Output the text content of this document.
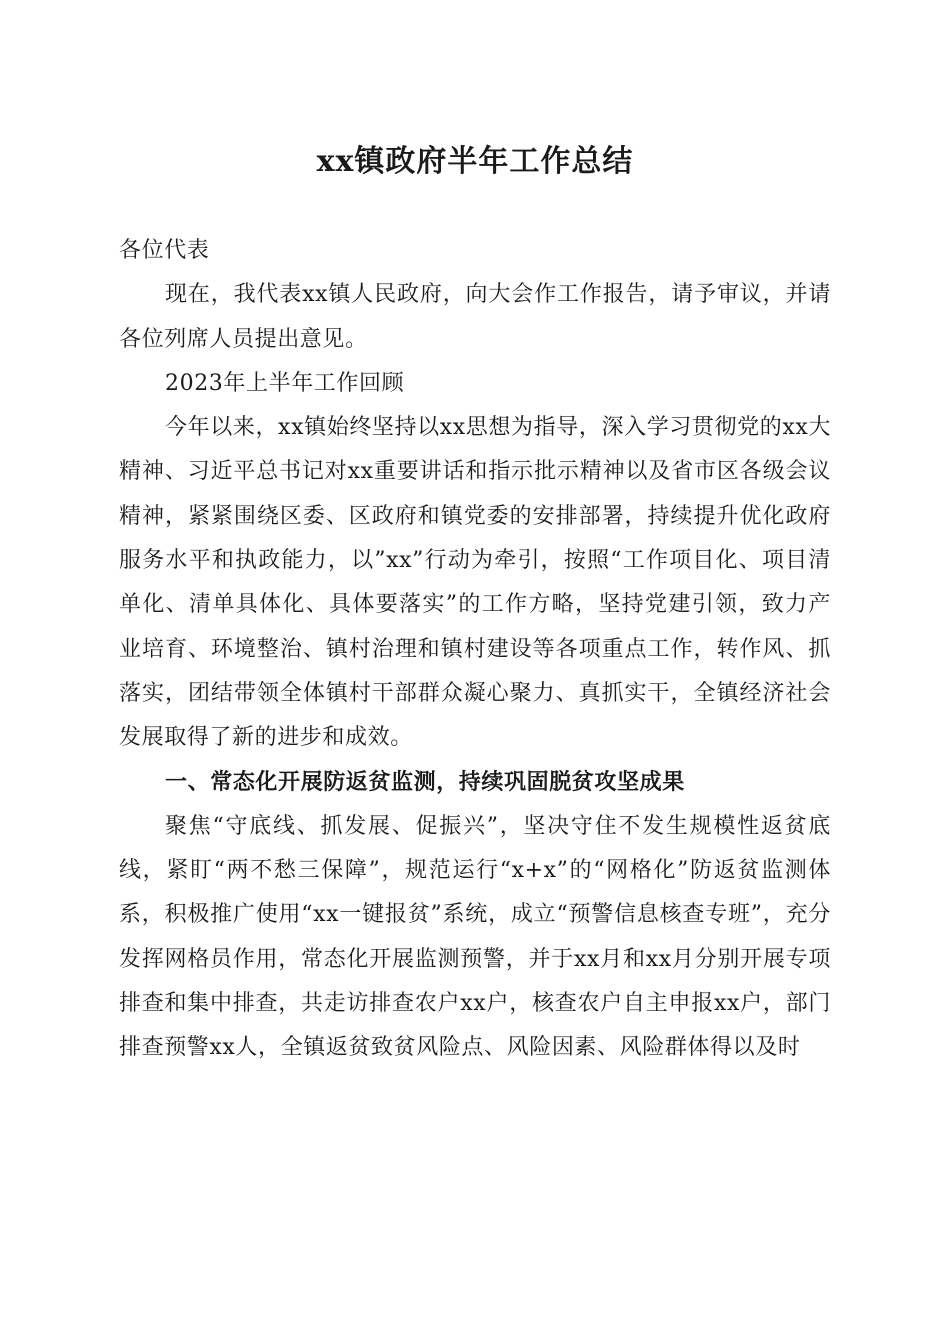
xx镇政府半年工作总结

各位代表

现在，我代表xx镇人民政府，向大会作工作报告，请予审议，并请各位列席人员提出意见。

2023年上半年工作回顾

今年以来，xx镇始终坚持以xx思想为指导，深入学习贯彻党的xx大精神、习近平总书记对xx重要讲话和指示批示精神以及省市区各级会议精神，紧紧围绕区委、区政府和镇党委的安排部署，持续提升优化政府服务水平和执政能力，以”xx”行动为牵引，按照“工作项目化、项目清单化、清单具体化、具体要落实”的工作方略，坚持党建引领，致力产业培育、环境整治、镇村治理和镇村建设等各项重点工作，转作风、抓落实，团结带领全体镇村干部群众凝心聚力、真抓实干，全镇经济社会发展取得了新的进步和成效。

一、常态化开展防返贫监测，持续巩固脱贫攻坚成果

聚焦“守底线、抓发展、促振兴”，坚决守住不发生规模性返贫底线，紧盯“两不愁三保障”，规范运行“x+x”的“网格化”防返贫监测体系，积极推广使用“xx一键报贫”系统，成立“预警信息核查专班”，充分发挥网格员作用，常态化开展监测预警，并于xx月和xx月分别开展专项排查和集中排查，共走访排查农户xx户，核查农户自主申报xx户，部门排查预警xx人，全镇返贫致贫风险点、风险因素、风险群体得以及时
